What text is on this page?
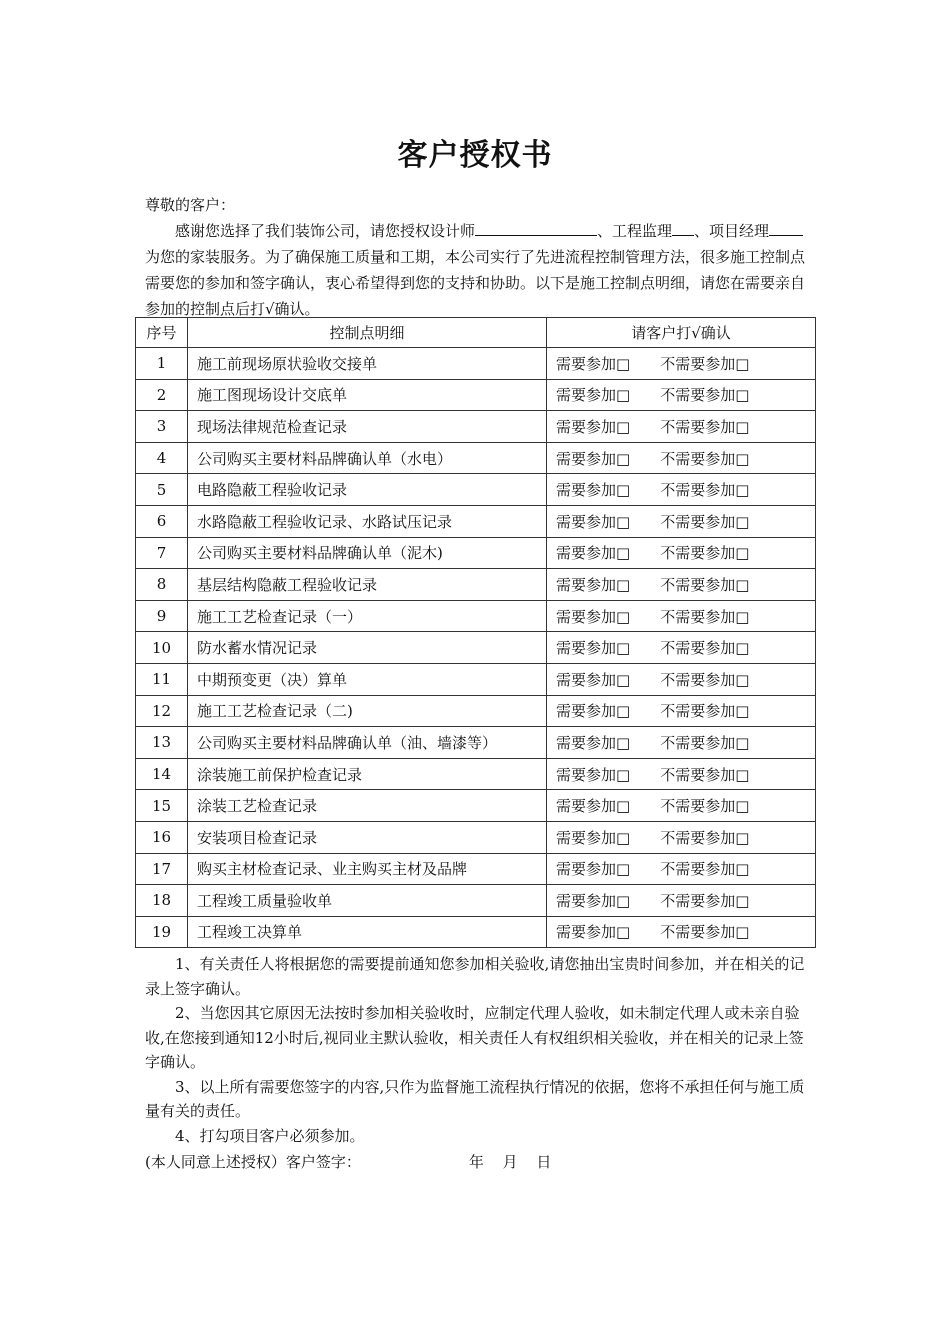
客户授权书

尊敬的客户：

感谢您选择了我们装饰公司，请您授权设计师	、工程监理 、项目经理为您的家装服务。为了确保施工质量和工期，本公司实行了先进流程控制管理方法，很多施工控制点需要您的参加和签字确认，衷心希望得到您的支持和协助。以下是施工控制点明细，请您在需要亲自参加的控制点后打√确认。

序号	控制点明细	请客户打√确认
1	施工前现场原状验收交接单	需要参加□ 不需要参加□
2	施工图现场设计交底单	需要参加□ 不需要参加□
3	现场法律规范检查记录	需要参加□ 不需要参加□
4	公司购买主要材料品牌确认单（水电）	需要参加□ 不需要参加□
5	电路隐蔽工程验收记录	需要参加□ 不需要参加□
6	水路隐蔽工程验收记录、水路试压记录	需要参加□ 不需要参加□
7	公司购买主要材料品牌确认单（泥木)	需要参加□ 不需要参加□
8	基层结构隐蔽工程验收记录	需要参加□ 不需要参加□
9	施工工艺检查记录（一）	需要参加□ 不需要参加□
10	防水蓄水情况记录	需要参加□ 不需要参加□
11	中期预变更（决）算单	需要参加□ 不需要参加□
12	施工工艺检查记录（二)	需要参加□ 不需要参加□
13	公司购买主要材料品牌确认单（油、墙漆等）	需要参加□ 不需要参加□
14	涂装施工前保护检查记录	需要参加□ 不需要参加□
15	涂装工艺检查记录	需要参加□ 不需要参加□
16	安装项目检查记录	需要参加□ 不需要参加□
17	购买主材检查记录、业主购买主材及品牌	需要参加□ 不需要参加□
18	工程竣工质量验收单	需要参加□ 不需要参加□
19	工程竣工决算单	需要参加□ 不需要参加□

1、有关责任人将根据您的需要提前通知您参加相关验收,请您抽出宝贵时间参加，并在相关的记录上签字确认。

2、当您因其它原因无法按时参加相关验收时，应制定代理人验收，如未制定代理人或未亲自验收,在您接到通知12小时后,视同业主默认验收，相关责任人有权组织相关验收，并在相关的记录上签字确认。

3、以上所有需要您签字的内容,只作为监督施工流程执行情况的依据，您将不承担任何与施工质量有关的责任。

4、打勾项目客户必须参加。

(本人同意上述授权）客户签字：	年 月 日
